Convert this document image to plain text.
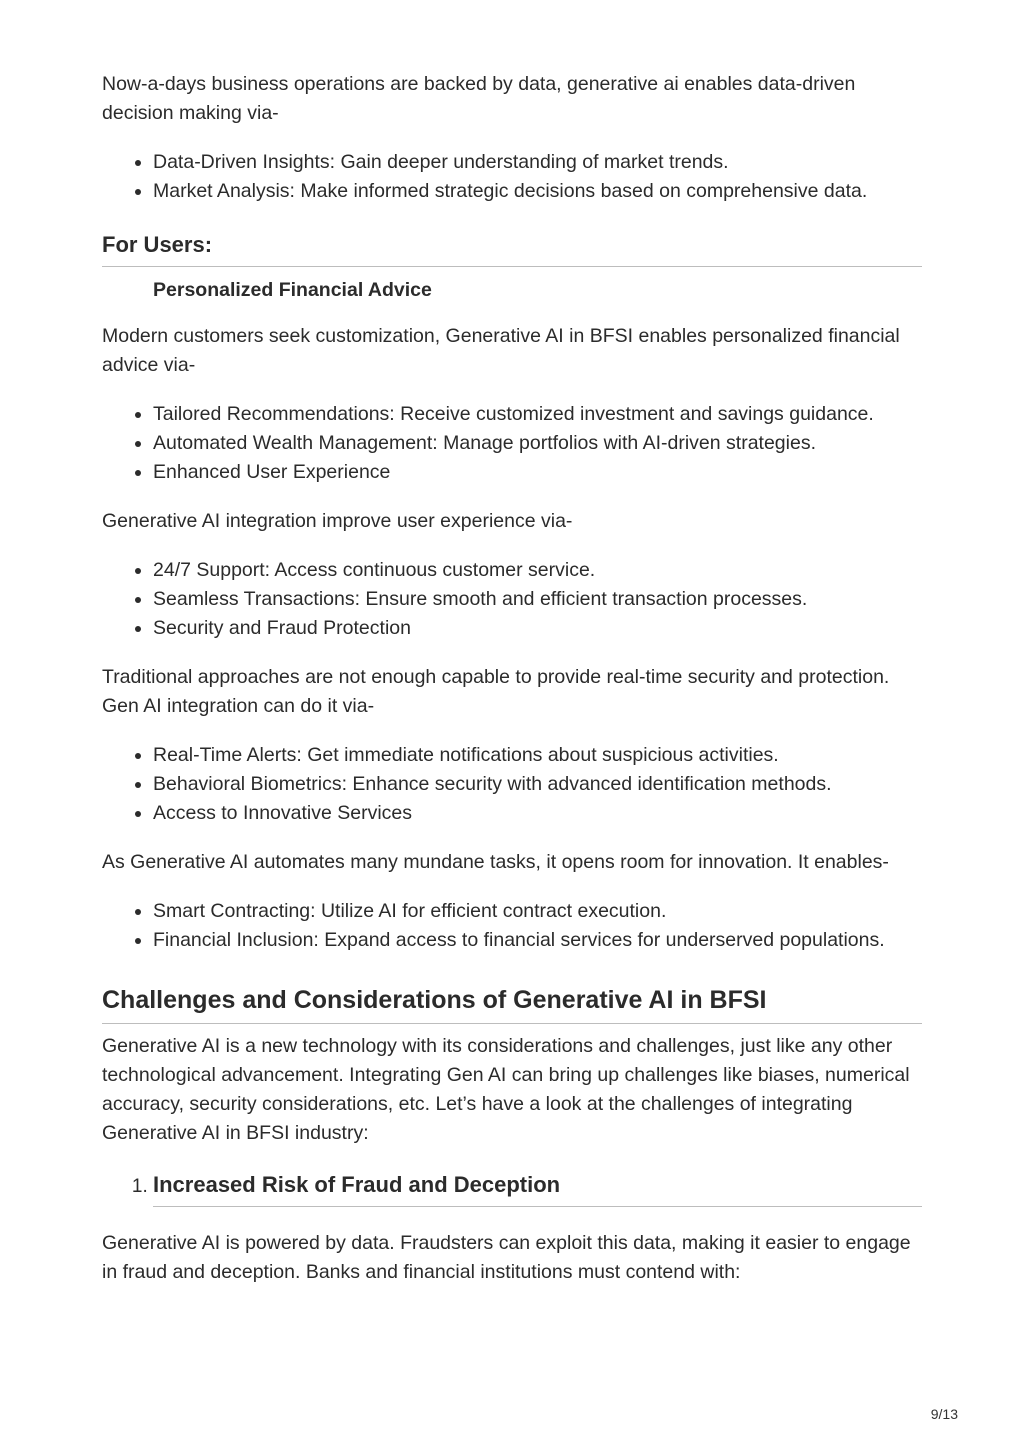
Now-a-days business operations are backed by data, generative ai enables data-driven decision making via-

• Data-Driven Insights: Gain deeper understanding of market trends.
• Market Analysis: Make informed strategic decisions based on comprehensive data.
For Users:
Personalized Financial Advice

Modern customers seek customization, Generative AI in BFSI enables personalized financial advice via-

• Tailored Recommendations: Receive customized investment and savings guidance.
• Automated Wealth Management: Manage portfolios with AI-driven strategies.
• Enhanced User Experience

Generative AI integration improve user experience via-

• 24/7 Support: Access continuous customer service.
• Seamless Transactions: Ensure smooth and efficient transaction processes.
• Security and Fraud Protection

Traditional approaches are not enough capable to provide real-time security and protection. Gen AI integration can do it via-

• Real-Time Alerts: Get immediate notifications about suspicious activities.
• Behavioral Biometrics: Enhance security with advanced identification methods.
• Access to Innovative Services

As Generative AI automates many mundane tasks, it opens room for innovation. It enables-

• Smart Contracting: Utilize AI for efficient contract execution.
• Financial Inclusion: Expand access to financial services for underserved populations.
Challenges and Considerations of Generative AI in BFSI

Generative AI is a new technology with its considerations and challenges, just like any other technological advancement. Integrating Gen AI can bring up challenges like biases, numerical accuracy, security considerations, etc. Let’s have a look at the challenges of integrating Generative AI in BFSI industry:

1. Increased Risk of Fraud and Deception

Generative AI is powered by data. Fraudsters can exploit this data, making it easier to engage in fraud and deception. Banks and financial institutions must contend with:

9/13
